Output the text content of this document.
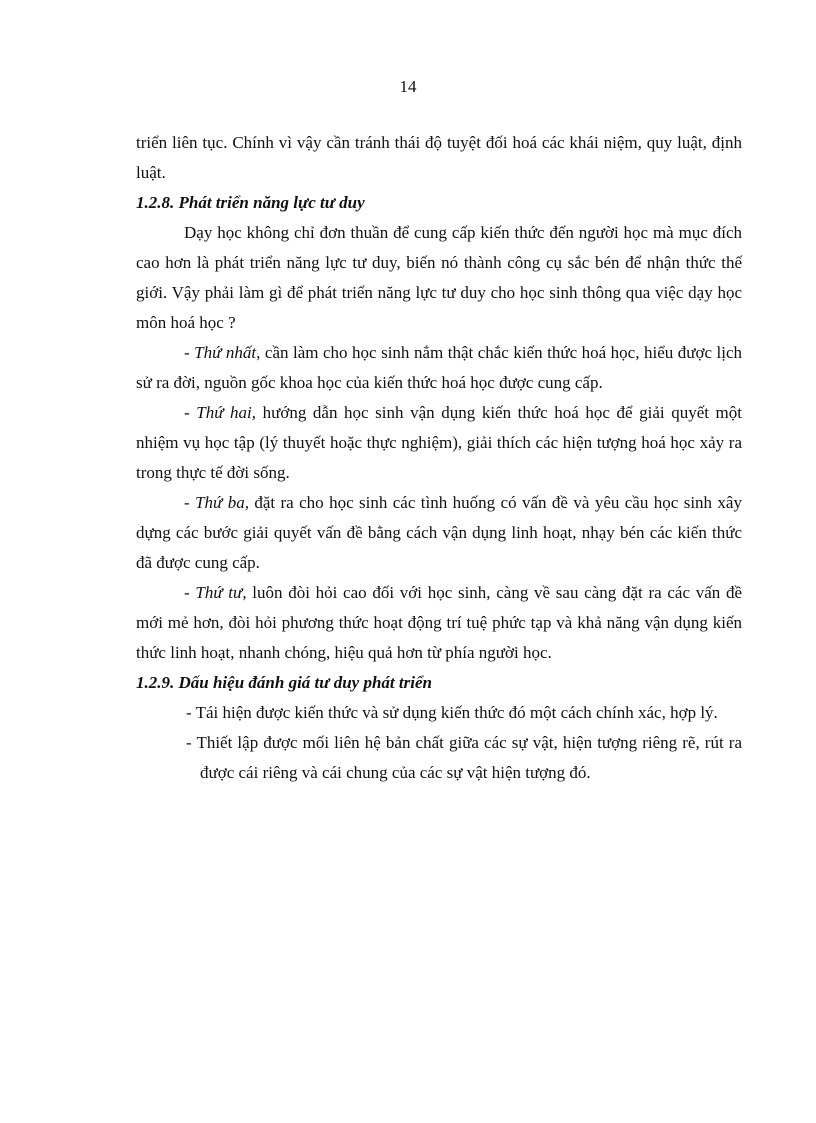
14

triển liên tục. Chính vì vậy cần tránh thái độ tuyệt đối hoá các khái niệm, quy luật, định luật.

1.2.8. Phát triển năng lực tư duy

Dạy học không chỉ đơn thuần để cung cấp kiến thức đến người học mà mục đích cao hơn là phát triển năng lực tư duy, biến nó thành công cụ sắc bén để nhận thức thế giới. Vậy phải làm gì để phát triển năng lực tư duy cho học sinh thông qua việc dạy học môn hoá học ?

- Thứ nhất, cần làm cho học sinh nắm thật chắc kiến thức hoá học, hiểu được lịch sử ra đời, nguồn gốc khoa học của kiến thức hoá học được cung cấp.

- Thứ hai, hướng dẫn học sinh vận dụng kiến thức hoá học để giải quyết một nhiệm vụ học tập (lý thuyết hoặc thực nghiệm), giải thích các hiện tượng hoá học xảy ra trong thực tế đời sống.

- Thứ ba, đặt ra cho học sinh các tình huống có vấn đề và yêu cầu học sinh xây dựng các bước giải quyết vấn đề bằng cách vận dụng linh hoạt, nhạy bén các kiến thức đã được cung cấp.

- Thứ tư, luôn đòi hỏi cao đối với học sinh, càng về sau càng đặt ra các vấn đề mới mẻ hơn, đòi hỏi phương thức hoạt động trí tuệ phức tạp và khả năng vận dụng kiến thức linh hoạt, nhanh chóng, hiệu quả hơn từ phía người học.

1.2.9. Dấu hiệu đánh giá tư duy phát triển

- Tái hiện được kiến thức và sử dụng kiến thức đó một cách chính xác, hợp lý.

- Thiết lập được mối liên hệ bản chất giữa các sự vật, hiện tượng riêng rẽ, rút ra được cái riêng và cái chung của các sự vật hiện tượng đó.
